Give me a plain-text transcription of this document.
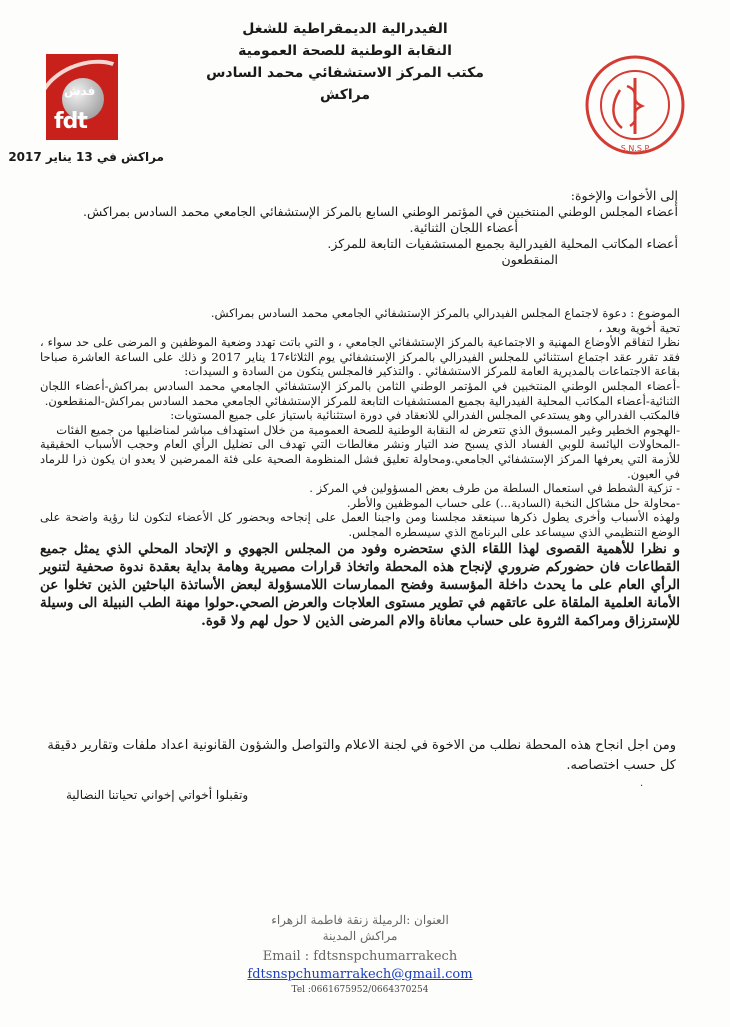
الفيدرالية الديمقراطية للشغل
النقابة الوطنية للصحة العمومية
مكتب المركز الاستشفائي محمد السادس مراكش
فدش
fdt
S.N.S.P
مراكش في 13 يناير 2017
إلى الأخوات والإخوة:
أعضاء المجلس الوطني المنتخبين في المؤتمر الوطني السابع بالمركز الإستشفائي الجامعي محمد السادس بمراكش.
أعضاء اللجان الثنائية.
أعضاء المكاتب المحلية الفيدرالية بجميع المستشفيات التابعة للمركز.
المنقطعون

الموضوع : دعوة لاجتماع المجلس الفيدرالي بالمركز الإستشفائي الجامعي محمد السادس بمراكش.

تحية أخوية وبعد ،

نظرا لتفاقم الأوضاع المهنية و الاجتماعية بالمركز الإستشفائي الجامعي ، و التي باتت تهدد وضعية الموظفين و المرضى على حد سواء ، فقد تقرر عقد اجتماع استثنائي للمجلس الفيدرالي بالمركز الإستشفائي يوم الثلاثاء17 يناير 2017 و ذلك على الساعة العاشرة صباحا بقاعة الاجتماعات بالمديرية العامة للمركز الاستشفائي . والتذكير فالمجلس يتكون من السادة و السيدات:

-أعضاء المجلس الوطني المنتخبين في المؤتمر الوطني الثامن بالمركز الإستشفائي الجامعي محمد السادس بمراكش-أعضاء اللجان الثنائية-أعضاء المكاتب المحلية الفيدرالية بجميع المستشفيات التابعة للمركز الإستشفائي الجامعي محمد السادس بمراكش-المنقطعون.

فالمكتب الفدرالي وهو يستدعي المجلس الفدرالي للانعقاد في دورة استثنائية باستياز على جميع المستويات:

-الهجوم الخطير وغير المسبوق الذي تتعرض له النقابة الوطنية للصحة العمومية من خلال استهداف مباشر لمناضليها من جميع الفئات

-المحاولات اليائسة للوبي الفساد الذي يسبح ضد التيار ونشر مغالطات التي تهدف الى تضليل الرأي العام وحجب الأسباب الحقيقية للأزمة التي يعرفها المركز الإستشفائي الجامعي.ومحاولة تعليق فشل المنظومة الصحية على فئة الممرضين لا يعدو ان يكون ذرا للرماد في العيون.

- تزكية الشطط في استعمال السلطة من طرف بعض المسؤولين في المركز .

-محاولة حل مشاكل النخبة (السادية...) على حساب الموظفين والأطر.

ولهذه الأسباب وأخرى يطول ذكرها سينعقد مجلسنا ومن واجبنا العمل على إنجاحه وبحضور كل الأعضاء لتكون لنا رؤية واضحة على الوضع التنظيمي الذي سيساعد على البرنامج الذي سيسطره المجلس.

و نظرا للأهمية القصوى لهذا اللقاء الذي ستحضره وفود من المجلس الجهوي و الإتحاد المحلي الذي يمثل جميع القطاعات فان حضوركم ضروري لإنجاح هذه المحطة واتخاذ قرارات مصيرية وهامة بداية بعقدة ندوة صحفية لتنوير الرأي العام على ما يحدث داخلة المؤسسة وفضح الممارسات اللامسؤولة لبعض الأساتذة الباحثين الذين تخلوا عن الأمانة العلمية الملقاة على عاتقهم في تطوير مستوى العلاجات والعرض الصحي.حولوا مهنة الطب النبيلة الى وسيلة للإسترزاق ومراكمة الثروة على حساب معاناة والام المرضى الذين لا حول لهم ولا قوة.

ومن اجل انجاح هذه المحطة نطلب من الاخوة في لجنة الاعلام والتواصل والشؤون القانونية اعداد ملفات وتقارير دقيقة كل حسب اختصاصه.
.
وتقبلوا أخواتي إخواني تحياتنا النضالية
العنوان :الرميلة زنقة فاطمة الزهراء
مراكش المدينة
Email : fdtsnspchumarrakech fdtsnspchumarrakech@gmail.com
Tel :0661675952/0664370254
